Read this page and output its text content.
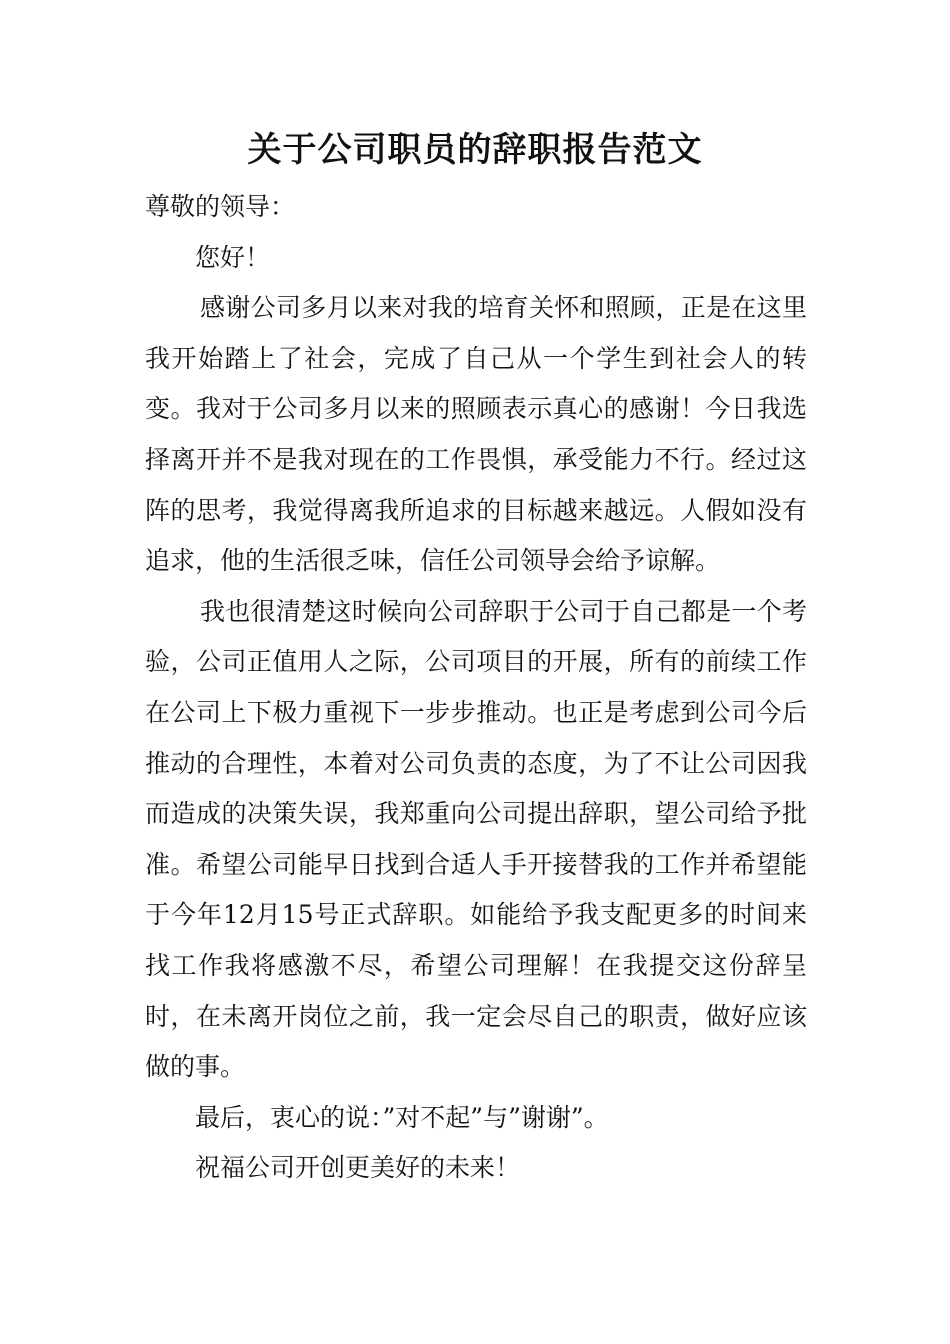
关于公司职员的辞职报告范文

尊敬的领导：

您好！

感谢公司多月以来对我的培育关怀和照顾，正是在这里我开始踏上了社会，完成了自己从一个学生到社会人的转变。我对于公司多月以来的照顾表示真心的感谢！今日我选择离开并不是我对现在的工作畏惧，承受能力不行。经过这阵的思考，我觉得离我所追求的目标越来越远。人假如没有追求，他的生活很乏味，信任公司领导会给予谅解。

我也很清楚这时候向公司辞职于公司于自己都是一个考验，公司正值用人之际，公司项目的开展，所有的前续工作在公司上下极力重视下一步步推动。也正是考虑到公司今后推动的合理性，本着对公司负责的态度，为了不让公司因我而造成的决策失误，我郑重向公司提出辞职，望公司给予批准。希望公司能早日找到合适人手开接替我的工作并希望能于今年12月15号正式辞职。如能给予我支配更多的时间来找工作我将感激不尽，希望公司理解！在我提交这份辞呈时，在未离开岗位之前，我一定会尽自己的职责，做好应该做的事。

最后，衷心的说：”对不起”与”谢谢”。

祝福公司开创更美好的未来！
